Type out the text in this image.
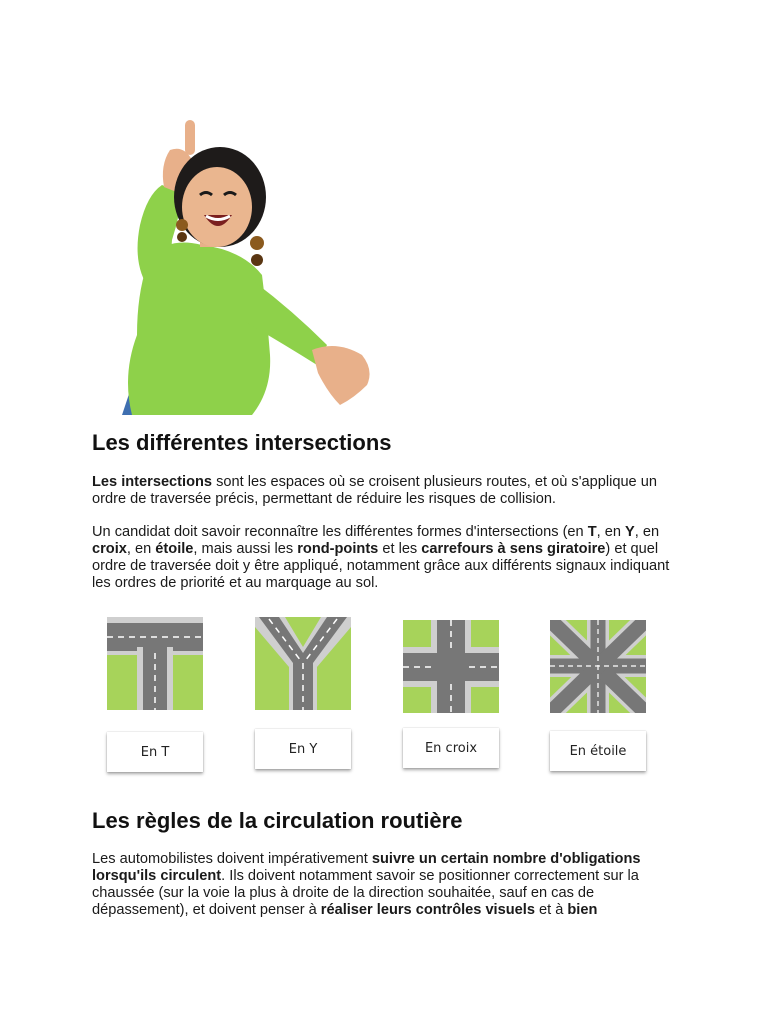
Les différentes intersections

Les intersections sont les espaces où se croisent plusieurs routes, et où s'applique un ordre de traversée précis, permettant de réduire les risques de collision.

Un candidat doit savoir reconnaître les différentes formes d'intersections (en T, en Y, en croix, en étoile, mais aussi les rond-points et les carrefours à sens giratoire) et quel ordre de traversée doit y être appliqué, notamment grâce aux différents signaux indiquant les ordres de priorité et au marquage au sol.

En T	En Y	En croix	En étoile
Les règles de la circulation routière

Les automobilistes doivent impérativement suivre un certain nombre d'obligations lorsqu'ils circulent. Ils doivent notamment savoir se positionner correctement sur la chaussée (sur la voie la plus à droite de la direction souhaitée, sauf en cas de dépassement), et doivent penser à réaliser leurs contrôles visuels et à bien
